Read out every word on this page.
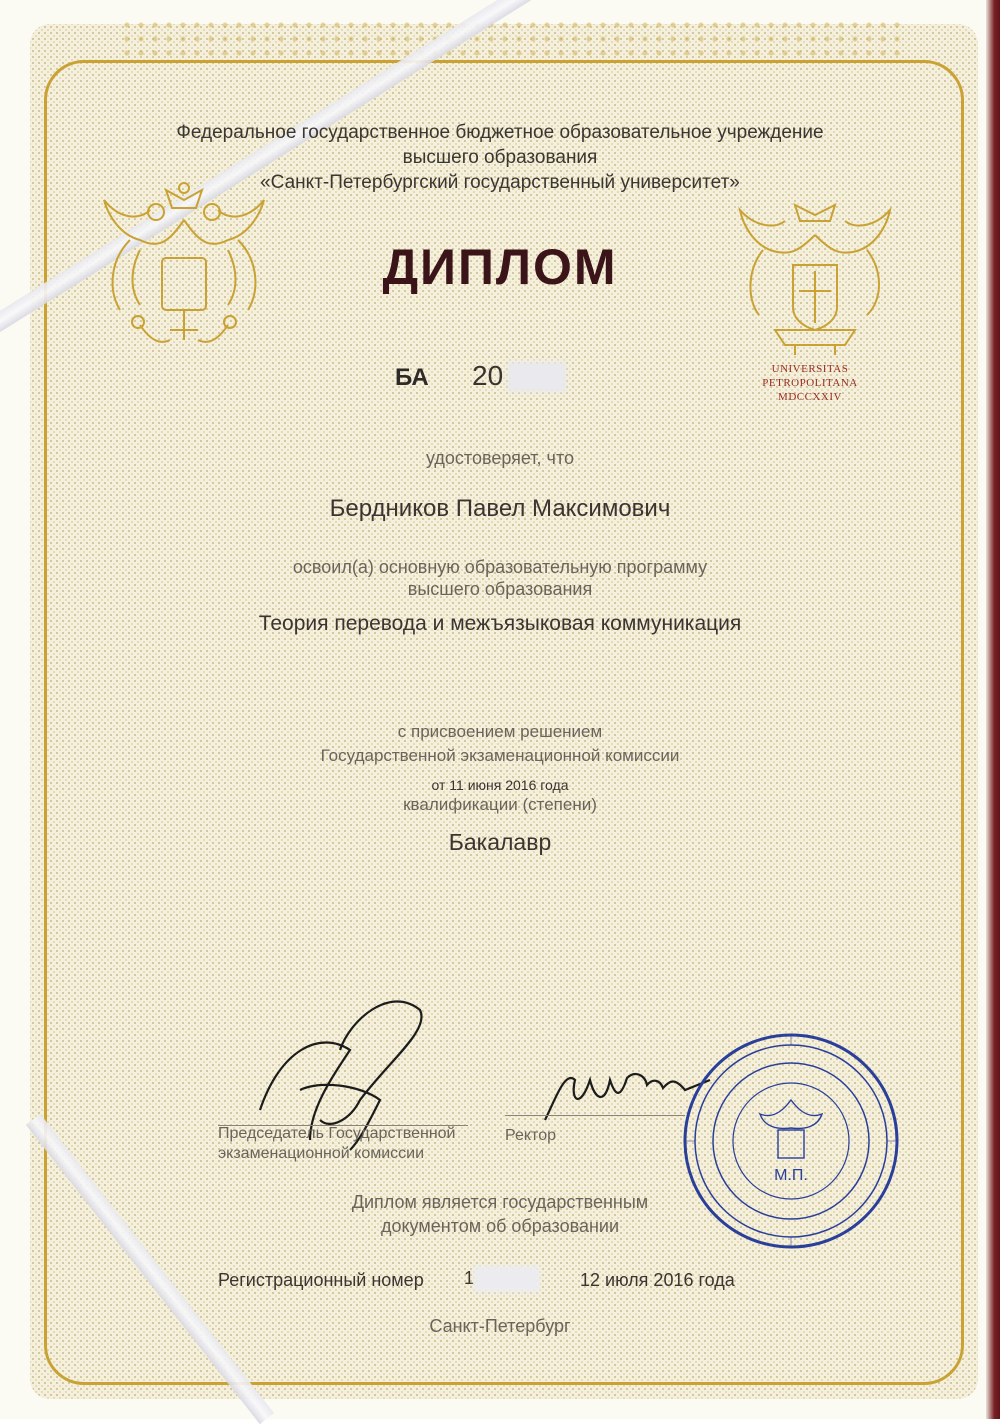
Федеральное государственное бюджетное образовательное учреждение
высшего образования
«Санкт-Петербургский государственный университет»
UNIVERSITAS
PETROPOLITANA
MDCCXXIV
ДИПЛОМ
БА 20
удостоверяет, что
Бердников Павел Максимович
освоил(а) основную образовательную программу
высшего образования
Теория перевода и межъязыковая коммуникация
с присвоением решением
Государственной экзаменационной комиссии
от 11 июня 2016 года
квалификации (степени)
Бакалавр
Председатель Государственной
экзаменационной комиссии
Ректор
М.П.
Диплом является государственным
документом об образовании
Регистрационный номер 1	12 июля 2016 года
Санкт-Петербург
